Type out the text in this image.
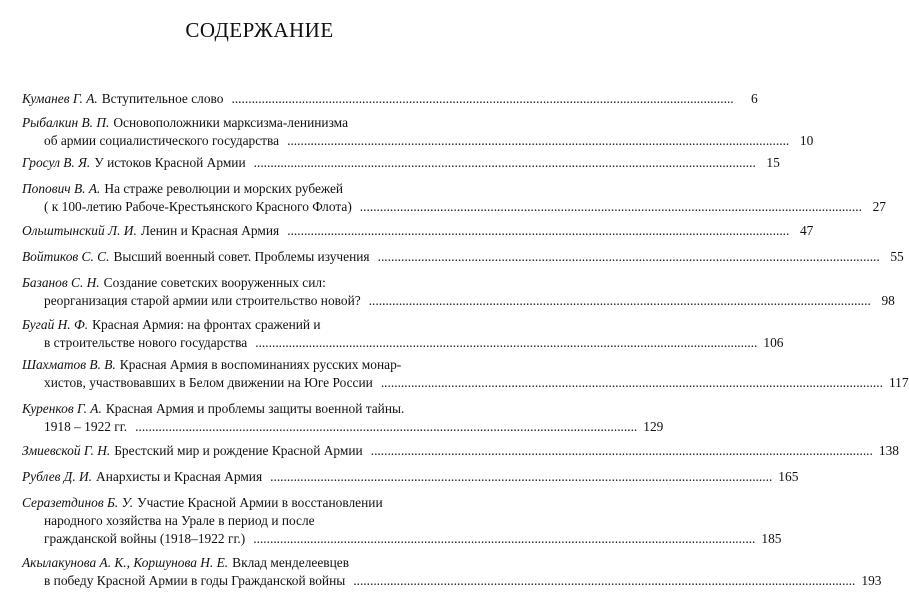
СОДЕРЖАНИЕ
Куманев Г. А. Вступительное слово ......................................................................................................................................................	6
Рыбалкин В. П. Основоположники марксизма-ленинизма
об армии социалистического государства ...................................................................................................................................................... 10
Гросул В. Я. У истоков Красной Армии ...................................................................................................................................................... 15
Попович В. А. На страже революции и морских рубежей
( к 100-летию Рабоче-Крестьянского Красного Флота) ...................................................................................................................................................... 27
Ольштынский Л. И. Ленин и Красная Армия ...................................................................................................................................................... 47
Войтиков С. С. Высший военный совет. Проблемы изучения ...................................................................................................................................................... 55
Базанов С. Н. Создание советских вооруженных сил:
реорганизация старой армии или строительство новой? ...................................................................................................................................................... 98
Бугай Н. Ф. Красная Армия: на фронтах сражений и
в строительстве нового государства ...................................................................................................................................................... 106
Шахматов В. В. Красная Армия в воспоминаниях русских монар-
хистов, участвовавших в Белом движении на Юге России ...................................................................................................................................................... 117
Куренков Г. А. Красная Армия и проблемы защиты военной тайны.
1918 – 1922 гг. ...................................................................................................................................................... 129
Змиевской Г. Н. Брестский мир и рождение Красной Армии ...................................................................................................................................................... 138
Рублев Д. И. Анархисты и Красная Армия ...................................................................................................................................................... 165
Серазетдинов Б. У. Участие Красной Армии в восстановлении
народного хозяйства на Урале в период и после
гражданской войны (1918–1922 гг.) ...................................................................................................................................................... 185
Акылакунова А. К., Коршунова Н. Е. Вклад менделеевцев
в победу Красной Армии в годы Гражданской войны ...................................................................................................................................................... 193
